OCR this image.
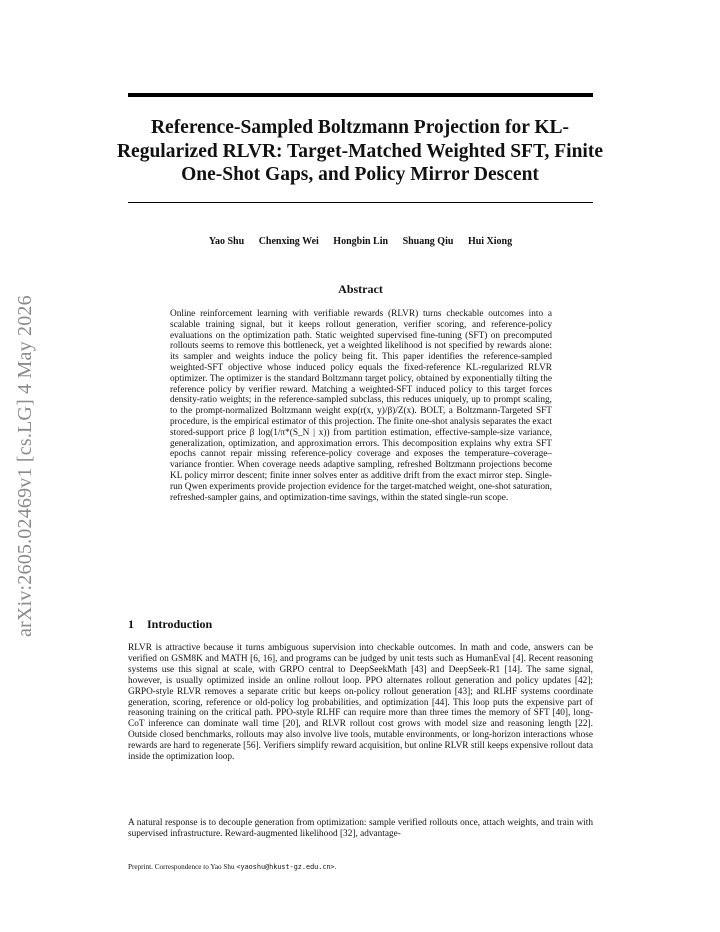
Reference-Sampled Boltzmann Projection for KL-Regularized RLVR: Target-Matched Weighted SFT, Finite One-Shot Gaps, and Policy Mirror Descent
Yao Shu Chenxing Wei Hongbin Lin Shuang Qiu Hui Xiong
arXiv:2605.02469v1 [cs.LG] 4 May 2026
Abstract
Online reinforcement learning with verifiable rewards (RLVR) turns checkable outcomes into a scalable training signal, but it keeps rollout generation, verifier scoring, and reference-policy evaluations on the optimization path. Static weighted supervised fine-tuning (SFT) on precomputed rollouts seems to remove this bottleneck, yet a weighted likelihood is not specified by rewards alone: its sampler and weights induce the policy being fit. This paper identifies the reference-sampled weighted-SFT objective whose induced policy equals the fixed-reference KL-regularized RLVR optimizer. The optimizer is the standard Boltzmann target policy, obtained by exponentially tilting the reference policy by verifier reward. Matching a weighted-SFT induced policy to this target forces density-ratio weights; in the reference-sampled subclass, this reduces uniquely, up to prompt scaling, to the prompt-normalized Boltzmann weight exp(r(x, y)/β)/Z(x). BOLT, a Boltzmann-Targeted SFT procedure, is the empirical estimator of this projection. The finite one-shot analysis separates the exact stored-support price β log(1/π*(S_N | x)) from partition estimation, effective-sample-size variance, generalization, optimization, and approximation errors. This decomposition explains why extra SFT epochs cannot repair missing reference-policy coverage and exposes the temperature–coverage–variance frontier. When coverage needs adaptive sampling, refreshed Boltzmann projections become KL policy mirror descent; finite inner solves enter as additive drift from the exact mirror step. Single-run Qwen experiments provide projection evidence for the target-matched weight, one-shot saturation, refreshed-sampler gains, and optimization-time savings, within the stated single-run scope.
1 Introduction
RLVR is attractive because it turns ambiguous supervision into checkable outcomes. In math and code, answers can be verified on GSM8K and MATH [6, 16], and programs can be judged by unit tests such as HumanEval [4]. Recent reasoning systems use this signal at scale, with GRPO central to DeepSeekMath [43] and DeepSeek-R1 [14]. The same signal, however, is usually optimized inside an online rollout loop. PPO alternates rollout generation and policy updates [42]; GRPO-style RLVR removes a separate critic but keeps on-policy rollout generation [43]; and RLHF systems coordinate generation, scoring, reference or old-policy log probabilities, and optimization [44]. This loop puts the expensive part of reasoning training on the critical path. PPO-style RLHF can require more than three times the memory of SFT [40], long-CoT inference can dominate wall time [20], and RLVR rollout cost grows with model size and reasoning length [22]. Outside closed benchmarks, rollouts may also involve live tools, mutable environments, or long-horizon interactions whose rewards are hard to regenerate [56]. Verifiers simplify reward acquisition, but online RLVR still keeps expensive rollout data inside the optimization loop.
A natural response is to decouple generation from optimization: sample verified rollouts once, attach weights, and train with supervised infrastructure. Reward-augmented likelihood [32], advantage-
Preprint. Correspondence to Yao Shu <yaoshu@hkust-gz.edu.cn>.
